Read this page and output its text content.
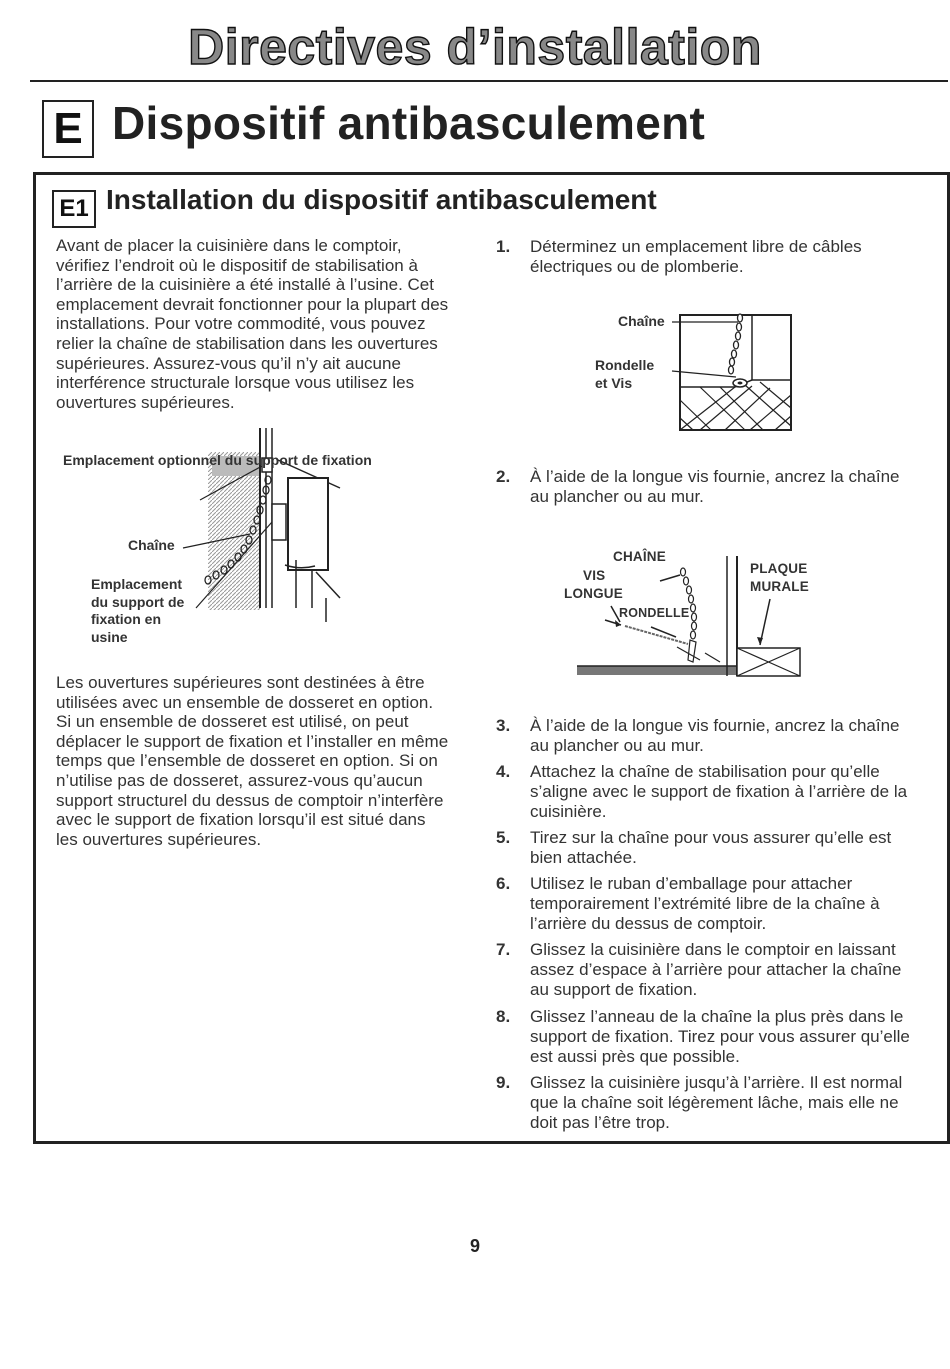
Directives d’installation
E Dispositif antibasculement
E1 Installation du dispositif antibasculement
Avant de placer la cuisinière dans le comptoir, vérifiez l’endroit où le dispositif de stabilisation à l’arrière de la cuisinière a été installé à l’usine. Cet emplacement devrait fonctionner pour la plupart des installations. Pour votre commodité, vous pouvez relier la chaîne de stabilisation dans les ouvertures supérieures. Assurez-vous qu’il n’y ait aucune interférence structurale lorsque vous utilisez les ouvertures supérieures.
Emplacement optionnel du support de fixation
Chaîne
Emplacement du support de fixation en usine
Les ouvertures supérieures sont destinées à être utilisées avec un ensemble de dosseret en option. Si un ensemble de dosseret est utilisé, on peut déplacer le support de fixation et l’installer en même temps que l’ensemble de dosseret en option. Si on n’utilise pas de dosseret, assurez-vous qu’aucun support structurel du dessus de comptoir n’interfère avec le support de fixation lorsqu’il est situé dans les ouvertures supérieures.
1. Déterminez un emplacement libre de câbles électriques ou de plomberie.
Chaîne
Rondelle
et Vis
2. À l’aide de la longue vis fournie, ancrez la chaîne au plancher ou au mur.
CHAÎNE
VIS
LONGUE
RONDELLE
PLAQUE
MURALE
3. À l’aide de la longue vis fournie, ancrez la chaîne au plancher ou au mur.
4. Attachez la chaîne de stabilisation pour qu’elle s’aligne avec le support de fixation à l’arrière de la cuisinière.
5. Tirez sur la chaîne pour vous assurer qu’elle est bien attachée.
6. Utilisez le ruban d’emballage pour attacher temporairement l’extrémité libre de la chaîne à l’arrière du dessus de comptoir.
7. Glissez la cuisinière dans le comptoir en laissant assez d’espace à l’arrière pour attacher la chaîne au support de fixation.
8. Glissez l’anneau de la chaîne la plus près dans le support de fixation. Tirez pour vous assurer qu’elle est aussi près que possible.
9. Glissez la cuisinière jusqu’à l’arrière. Il est normal que la chaîne soit légèrement lâche, mais elle ne doit pas l’être trop.
9
